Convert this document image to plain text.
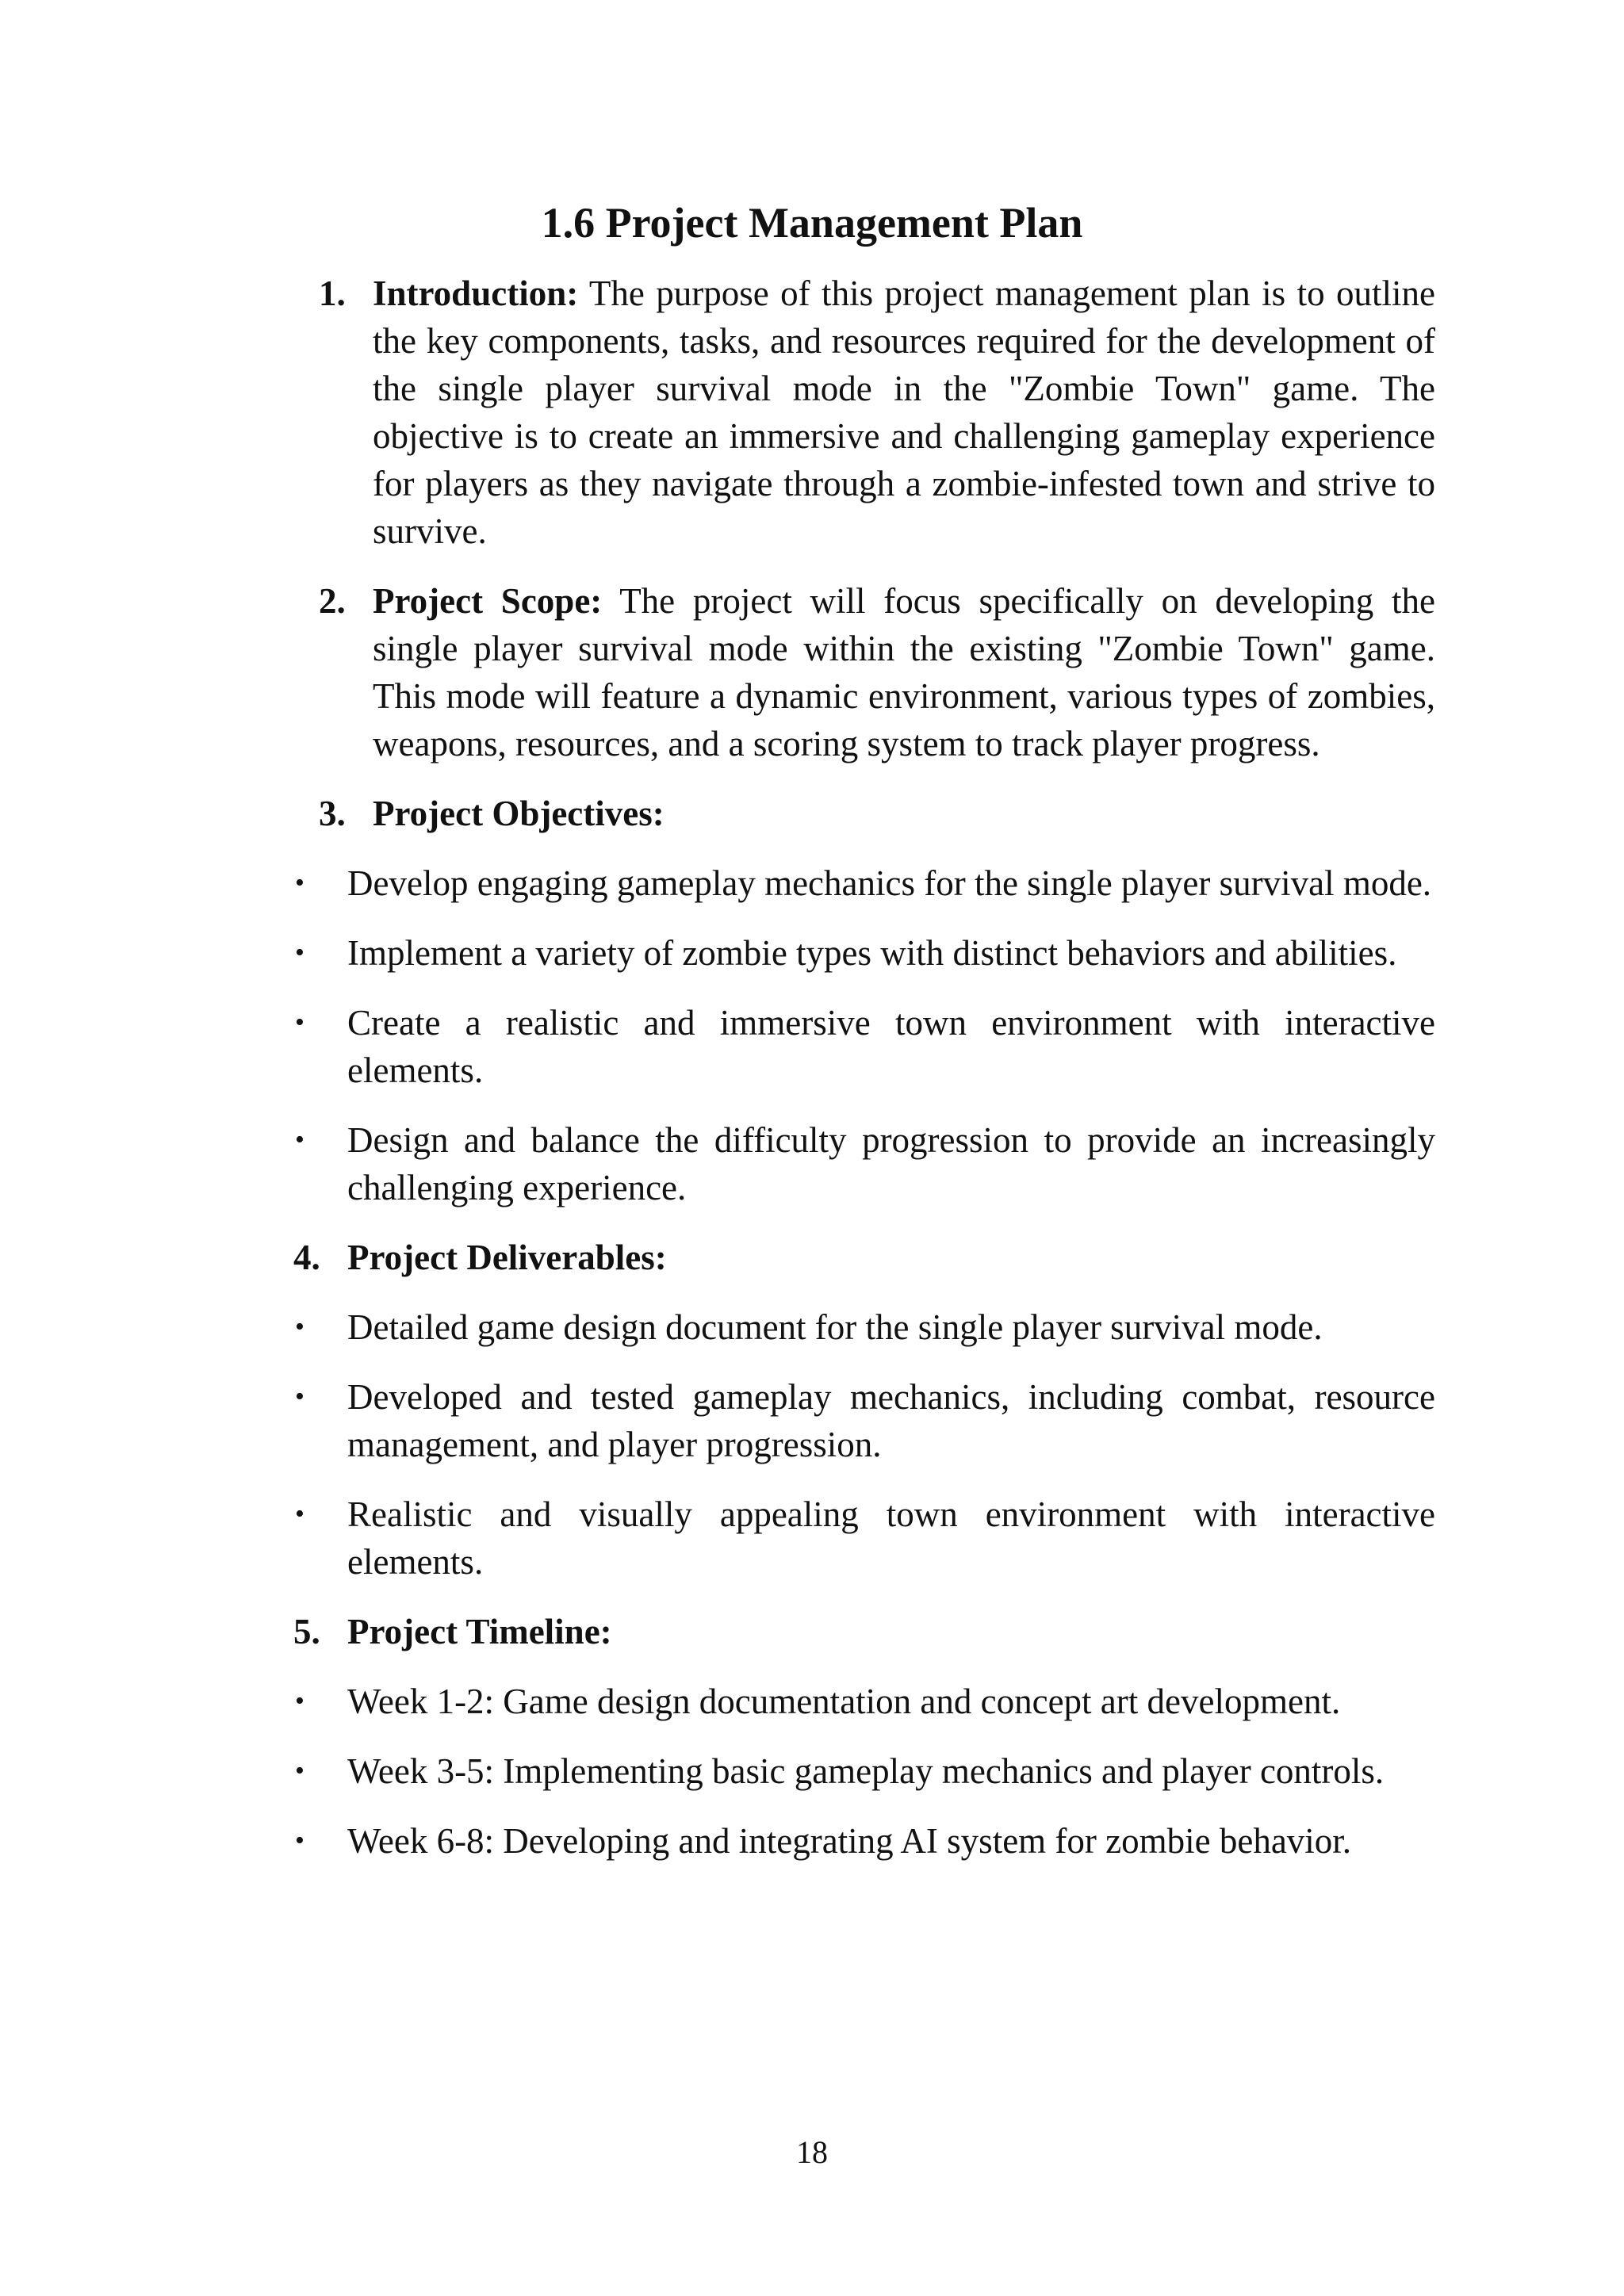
1.6 Project Management Plan
1. Introduction: The purpose of this project management plan is to outline the key components, tasks, and resources required for the development of the single player survival mode in the "Zombie Town" game. The objective is to create an immersive and challenging gameplay experience for players as they navigate through a zombie-infested town and strive to survive.
2. Project Scope: The project will focus specifically on developing the single player survival mode within the existing "Zombie Town" game. This mode will feature a dynamic environment, various types of zombies, weapons, resources, and a scoring system to track player progress.
3. Project Objectives:
• Develop engaging gameplay mechanics for the single player survival mode.
• Implement a variety of zombie types with distinct behaviors and abilities.
• Create a realistic and immersive town environment with interactive elements.
• Design and balance the difficulty progression to provide an increasingly challenging experience.
4. Project Deliverables:
• Detailed game design document for the single player survival mode.
• Developed and tested gameplay mechanics, including combat, resource management, and player progression.
• Realistic and visually appealing town environment with interactive elements.
5. Project Timeline:
• Week 1-2: Game design documentation and concept art development.
• Week 3-5: Implementing basic gameplay mechanics and player controls.
• Week 6-8: Developing and integrating AI system for zombie behavior.

18
